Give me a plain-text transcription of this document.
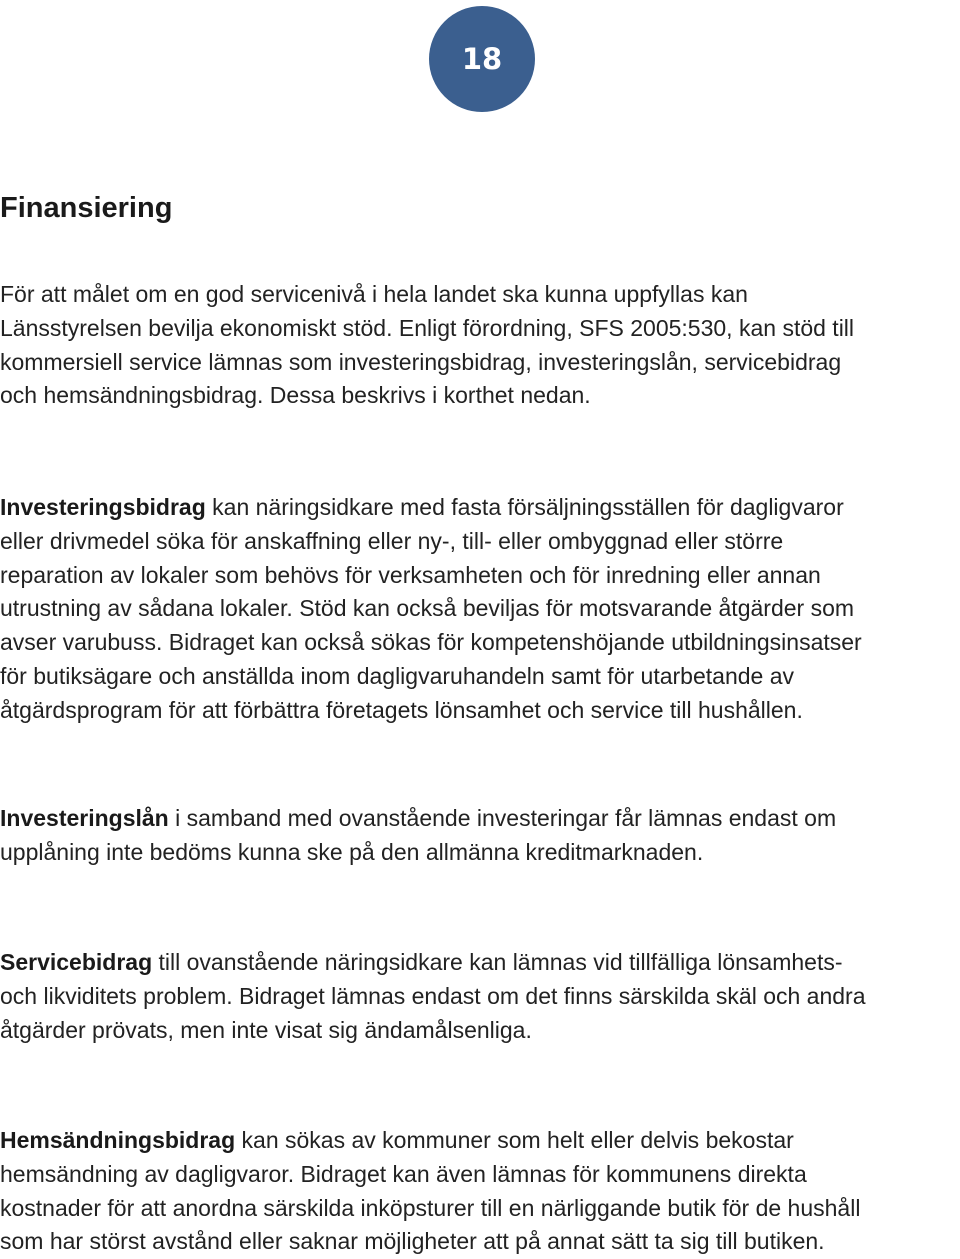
18
Finansiering

För att målet om en god servicenivå i hela landet ska kunna uppfyllas kan
Länsstyrelsen bevilja ekonomiskt stöd. Enligt förordning, SFS 2005:530, kan stöd till
kommersiell service lämnas som investeringsbidrag, investeringslån, servicebidrag
och hemsändningsbidrag. Dessa beskrivs i korthet nedan.

Investeringsbidrag kan näringsidkare med fasta försäljningsställen för dagligvaror
eller drivmedel söka för anskaffning eller ny-, till- eller ombyggnad eller större
reparation av lokaler som behövs för verksamheten och för inredning eller annan
utrustning av sådana lokaler. Stöd kan också beviljas för motsvarande åtgärder som
avser varubuss. Bidraget kan också sökas för kompetenshöjande utbildningsinsatser
för butiksägare och anställda inom dagligvaruhandeln samt för utarbetande av
åtgärdsprogram för att förbättra företagets lönsamhet och service till hushållen.

Investeringslån i samband med ovanstående investeringar får lämnas endast om
upplåning inte bedöms kunna ske på den allmänna kreditmarknaden.

Servicebidrag till ovanstående näringsidkare kan lämnas vid tillfälliga lönsamhets-
och likviditets problem. Bidraget lämnas endast om det finns särskilda skäl och andra
åtgärder prövats, men inte visat sig ändamålsenliga.

Hemsändningsbidrag kan sökas av kommuner som helt eller delvis bekostar
hemsändning av dagligvaror. Bidraget kan även lämnas för kommunens direkta
kostnader för att anordna särskilda inköpsturer till en närliggande butik för de hushåll
som har störst avstånd eller saknar möjligheter att på annat sätt ta sig till butiken.
